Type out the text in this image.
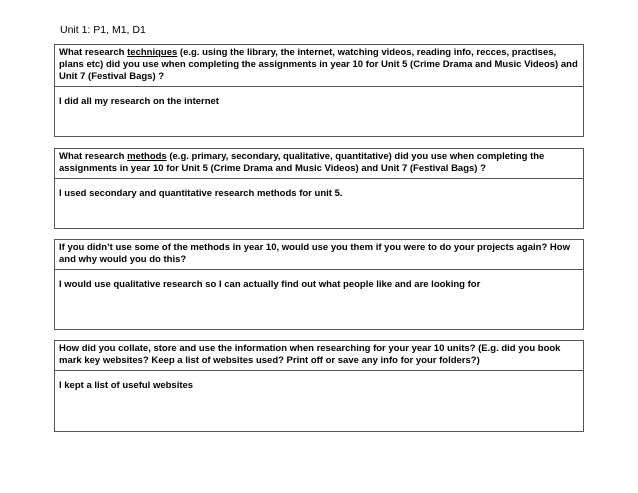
Unit 1: P1, M1, D1
What research techniques (e.g. using the library, the internet, watching videos, reading info, recces, practises, plans etc) did you use when completing the assignments in year 10 for Unit 5 (Crime Drama and Music Videos) and Unit 7 (Festival Bags) ?
I did all my research on the internet
What research methods (e.g. primary, secondary, qualitative, quantitative) did you use when completing the assignments in year 10 for Unit 5 (Crime Drama and Music Videos) and Unit 7 (Festival Bags) ?
I used secondary and quantitative research methods for unit 5.
If you didn’t use some of the methods in year 10, would use you them if you were to do your projects again? How and why would you do this?
I would use qualitative research so I can actually find out what people like and are looking for
How did you collate, store and use the information when researching for your year 10 units? (E.g. did you book mark key websites? Keep a list of websites used? Print off or save any info for your folders?)
I kept a list of useful websites
